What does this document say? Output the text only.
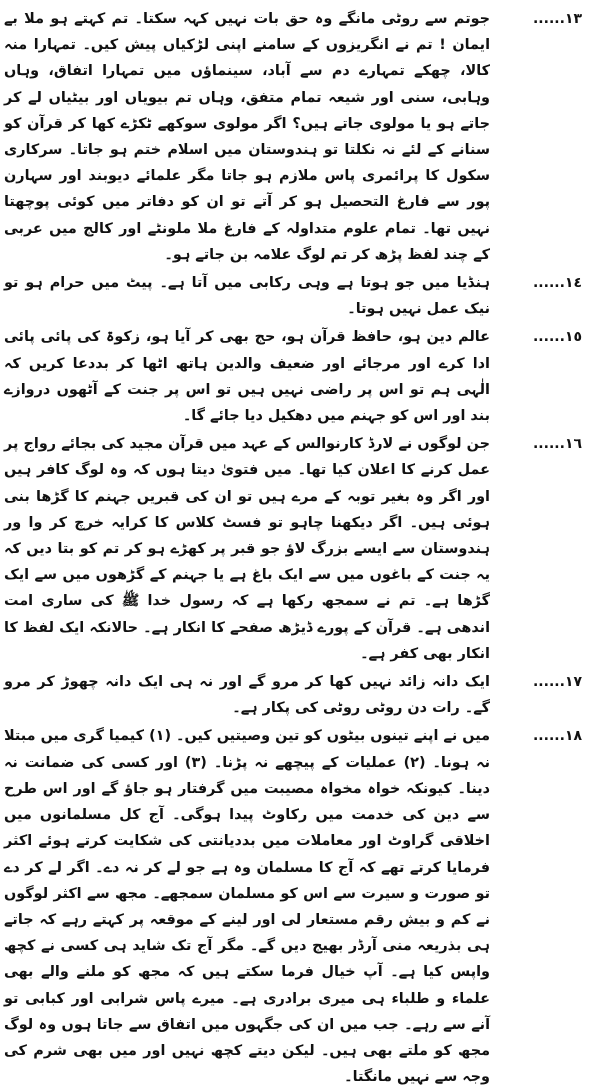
١٣......
جوتم سے روٹی مانگے وہ حق بات نہیں کہہ سکتا۔ تم کہتے ہو ملا بے ایمان ! تم نے انگریزوں کے سامنے اپنی لڑکیاں پیش کیں۔ تمہارا منہ کالا، چھکے تمہارے دم سے آباد، سینماؤں میں تمہارا اتفاق، وہاں وہابی، سنی اور شیعہ تمام متفق، وہاں تم بیویاں اور بیٹیاں لے کر جاتے ہو یا مولوی جاتے ہیں؟ اگر مولوی سوکھے ٹکڑے کھا کر قرآن کو سنانے کے لئے نہ نکلتا تو ہندوستان میں اسلام ختم ہو جاتا۔ سرکاری سکول کا پرائمری پاس ملازم ہو جاتا مگر علمائے دیوبند اور سہارن پور سے فارغ التحصیل ہو کر آتے تو ان کو دفاتر میں کوئی پوچھتا نہیں تھا۔ تمام علوم متداولہ کے فارغ ملا ملونٹے اور کالج میں عربی کے چند لفظ پڑھ کر تم لوگ علامہ بن جاتے ہو۔
١٤......
ہنڈیا میں جو ہوتا ہے وہی رکابی میں آتا ہے۔ پیٹ میں حرام ہو تو نیک عمل نہیں ہوتا۔
١٥......
عالم دین ہو، حافظ قرآن ہو، حج بھی کر آیا ہو، زکوۃ کی پائی پائی ادا کرے اور مرجائے اور ضعیف والدین ہاتھ اٹھا کر بددعا کریں کہ الٰہی ہم تو اس پر راضی نہیں ہیں تو اس پر جنت کے آٹھوں دروازے بند اور اس کو جہنم میں دھکیل دیا جائے گا۔
١٦......
جن لوگوں نے لارڈ کارنوالس کے عہد میں قرآن مجید کی بجائے رواج پر عمل کرنے کا اعلان کیا تھا۔ میں فتویٰ دیتا ہوں کہ وہ لوگ کافر ہیں اور اگر وہ بغیر توبہ کے مرے ہیں تو ان کی قبریں جہنم کا گڑھا بنی ہوئی ہیں۔ اگر دیکھنا چاہو تو فسٹ کلاس کا کرایہ خرچ کر وا ور ہندوستان سے ایسے بزرگ لاؤ جو قبر پر کھڑے ہو کر تم کو بتا دیں کہ یہ جنت کے باغوں میں سے ایک باغ ہے یا جہنم کے گڑھوں میں سے ایک گڑھا ہے۔ تم نے سمجھ رکھا ہے کہ رسول خدا ﷺ کی ساری امت اندھی ہے۔ قرآن کے پورے ڈیڑھ صفحے کا انکار ہے۔ حالانکہ ایک لفظ کا انکار بھی کفر ہے۔
١٧......
ایک دانہ زائد نہیں کھا کر مرو گے اور نہ ہی ایک دانہ چھوڑ کر مرو گے۔ رات دن روٹی روٹی کی پکار ہے۔
١٨......
میں نے اپنے تینوں بیٹوں کو تین وصیتیں کیں۔ (۱) کیمیا گری میں مبتلا نہ ہونا۔ (۲) عملیات کے پیچھے نہ پڑنا۔ (۳) اور کسی کی ضمانت نہ دینا۔ کیونکہ خواہ مخواہ مصیبت میں گرفتار ہو جاؤ گے اور اس طرح سے دین کی خدمت میں رکاوٹ پیدا ہوگی۔ آج کل مسلمانوں میں اخلاقی گراوٹ اور معاملات میں بددیانتی کی شکایت کرتے ہوئے اکثر فرمایا کرتے تھے کہ آج کا مسلمان وہ ہے جو لے کر نہ دے۔ اگر لے کر دے تو صورت و سیرت سے اس کو مسلمان سمجھے۔ مجھ سے اکثر لوگوں نے کم و بیش رقم مستعار لی اور لینے کے موقعہ پر کہتے رہے کہ جاتے ہی بذریعہ منی آرڈر بھیج دیں گے۔ مگر آج تک شاید ہی کسی نے کچھ واپس کیا ہے۔ آپ خیال فرما سکتے ہیں کہ مجھ کو ملنے والے بھی علماء و طلباء ہی میری برادری ہے۔ میرے پاس شرابی اور کبابی تو آنے سے رہے۔ جب میں ان کی جگہوں میں اتفاق سے جاتا ہوں وہ لوگ مجھ کو ملتے بھی ہیں۔ لیکن دیتے کچھ نہیں اور میں بھی شرم کی وجہ سے نہیں مانگتا۔
